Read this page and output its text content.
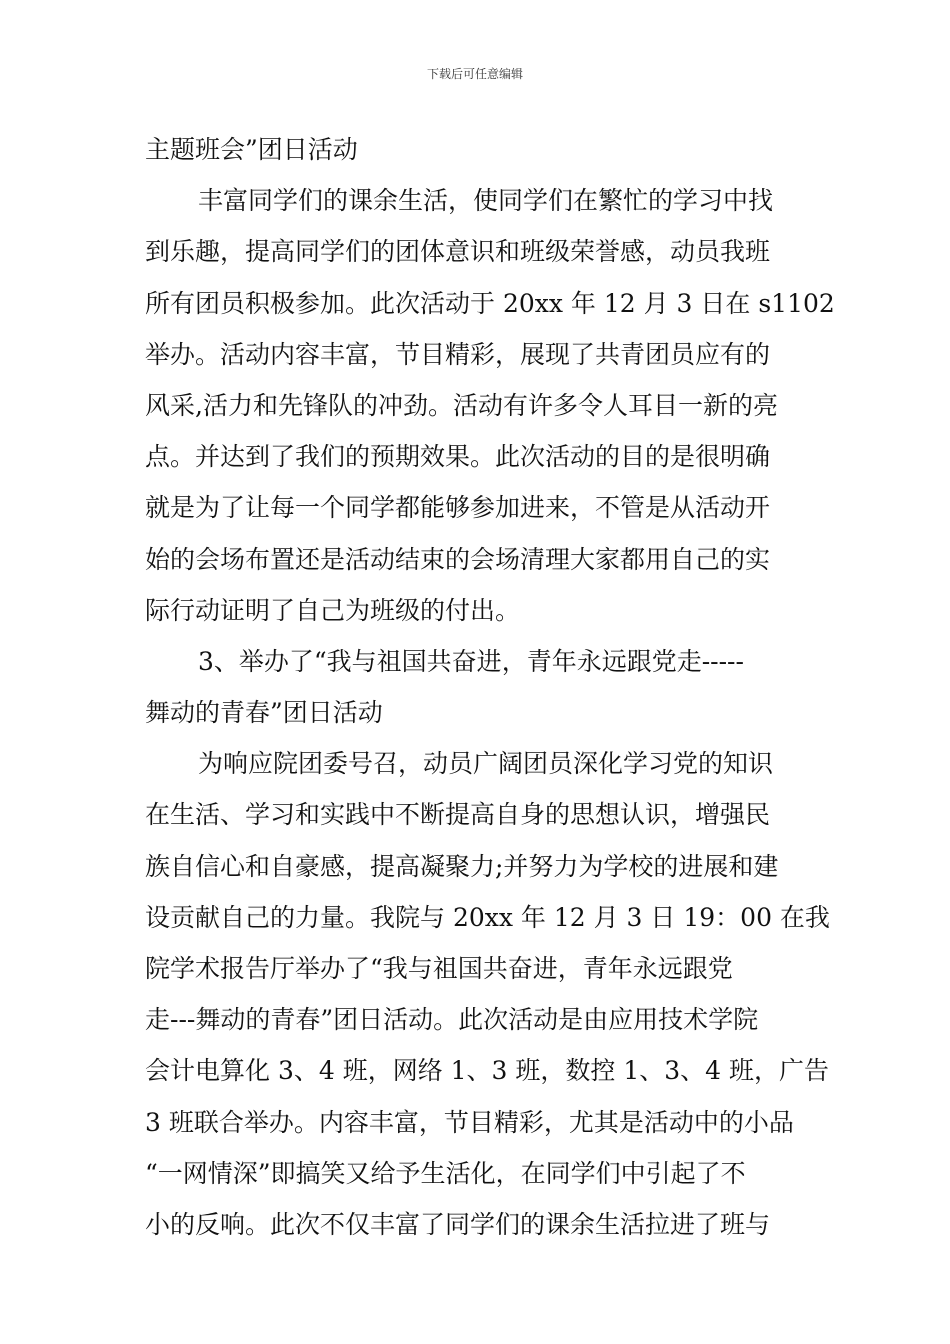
下载后可任意编辑
主题班会”团日活动
丰富同学们的课余生活，使同学们在繁忙的学习中找
到乐趣，提高同学们的团体意识和班级荣誉感，动员我班
所有团员积极参加。此次活动于 20xx 年 12 月 3 日在 s1102
举办。活动内容丰富，节目精彩，展现了共青团员应有的
风采,活力和先锋队的冲劲。活动有许多令人耳目一新的亮
点。并达到了我们的预期效果。此次活动的目的是很明确
就是为了让每一个同学都能够参加进来，不管是从活动开
始的会场布置还是活动结束的会场清理大家都用自己的实
际行动证明了自己为班级的付出。
3、举办了“我与祖国共奋进，青年永远跟党走-----
舞动的青春”团日活动
为响应院团委号召，动员广阔团员深化学习党的知识
在生活、学习和实践中不断提高自身的思想认识，增强民
族自信心和自豪感，提高凝聚力;并努力为学校的进展和建
设贡献自己的力量。我院与 20xx 年 12 月 3 日 19：00 在我
院学术报告厅举办了“我与祖国共奋进，青年永远跟党
走---舞动的青春”团日活动。此次活动是由应用技术学院
会计电算化 3、4 班，网络 1、3 班，数控 1、3、4 班，广告
3 班联合举办。内容丰富，节目精彩，尤其是活动中的小品
“一网情深”即搞笑又给予生活化，在同学们中引起了不
小的反响。此次不仅丰富了同学们的课余生活拉进了班与
